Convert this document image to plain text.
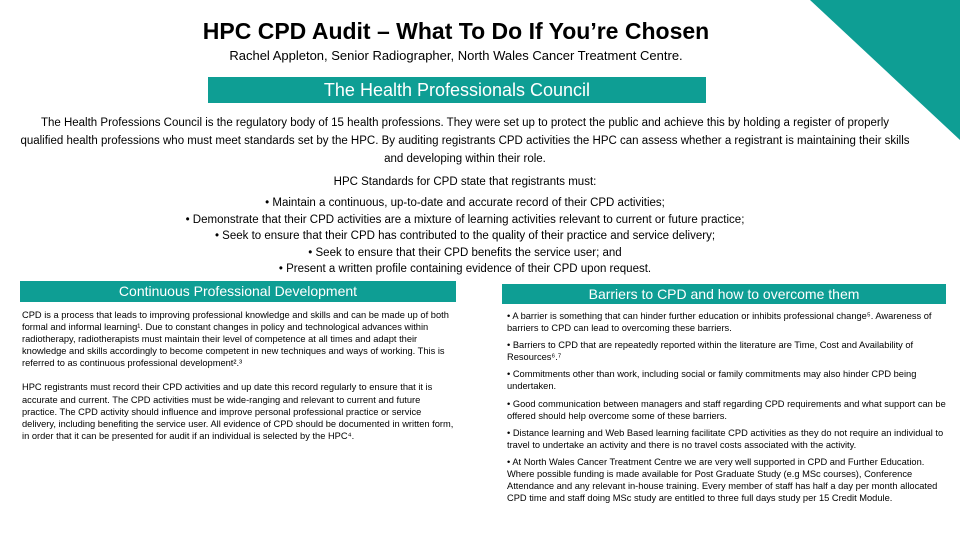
HPC CPD Audit – What To Do If You’re Chosen
Rachel Appleton, Senior Radiographer, North Wales Cancer Treatment Centre.
The Health Professionals Council

The Health Professions Council is the regulatory body of 15 health professions. They were set up to protect the public and achieve this by holding a register of properly qualified health professions who must meet standards set by the HPC. By auditing registrants CPD activities the HPC can assess whether a registrant is maintaining their skills and developing within their role.

HPC Standards for CPD state that registrants must:

• Maintain a continuous, up-to-date and accurate record of their CPD activities;
• Demonstrate that their CPD activities are a mixture of learning activities relevant to current or future practice;
• Seek to ensure that their CPD has contributed to the quality of their practice and service delivery;
• Seek to ensure that their CPD benefits the service user; and
• Present a written profile containing evidence of their CPD upon request.
Continuous Professional Development

CPD is a process that leads to improving professional knowledge and skills and can be made up of both formal and informal learning¹. Due to constant changes in policy and technological advances within radiotherapy, radiotherapists must maintain their level of competence at all times and adapt their knowledge and skills accordingly to become competent in new techniques and ways of working. This is referred to as continuous professional development².³

HPC registrants must record their CPD activities and up date this record regularly to ensure that it is accurate and current. The CPD activities must be wide-ranging and relevant to current and future practice. The CPD activity should influence and improve personal professional practice or service delivery, including benefiting the service user. All evidence of CPD should be documented in written form, in order that it can be presented for audit if an individual is selected by the HPC⁴.

Barriers to CPD and how to overcome them
• A barrier is something that can hinder further education or inhibits professional change⁵. Awareness of barriers to CPD can lead to overcoming these barriers.
• Barriers to CPD that are repeatedly reported within the literature are Time, Cost and Availability of Resources⁶.⁷
• Commitments other than work, including social or family commitments may also hinder CPD being undertaken.
• Good communication between managers and staff regarding CPD requirements and what support can be offered should help overcome some of these barriers.
• Distance learning and Web Based learning facilitate CPD activities as they do not require an individual to travel to undertake an activity and there is no travel costs associated with the activity.
• At North Wales Cancer Treatment Centre we are very well supported in CPD and Further Education. Where possible funding is made available for Post Graduate Study (e.g MSc courses), Conference Attendance and any relevant in-house training. Every member of staff has half a day per month allocated CPD time and staff doing MSc study are entitled to three full days study per 15 Credit Module.
